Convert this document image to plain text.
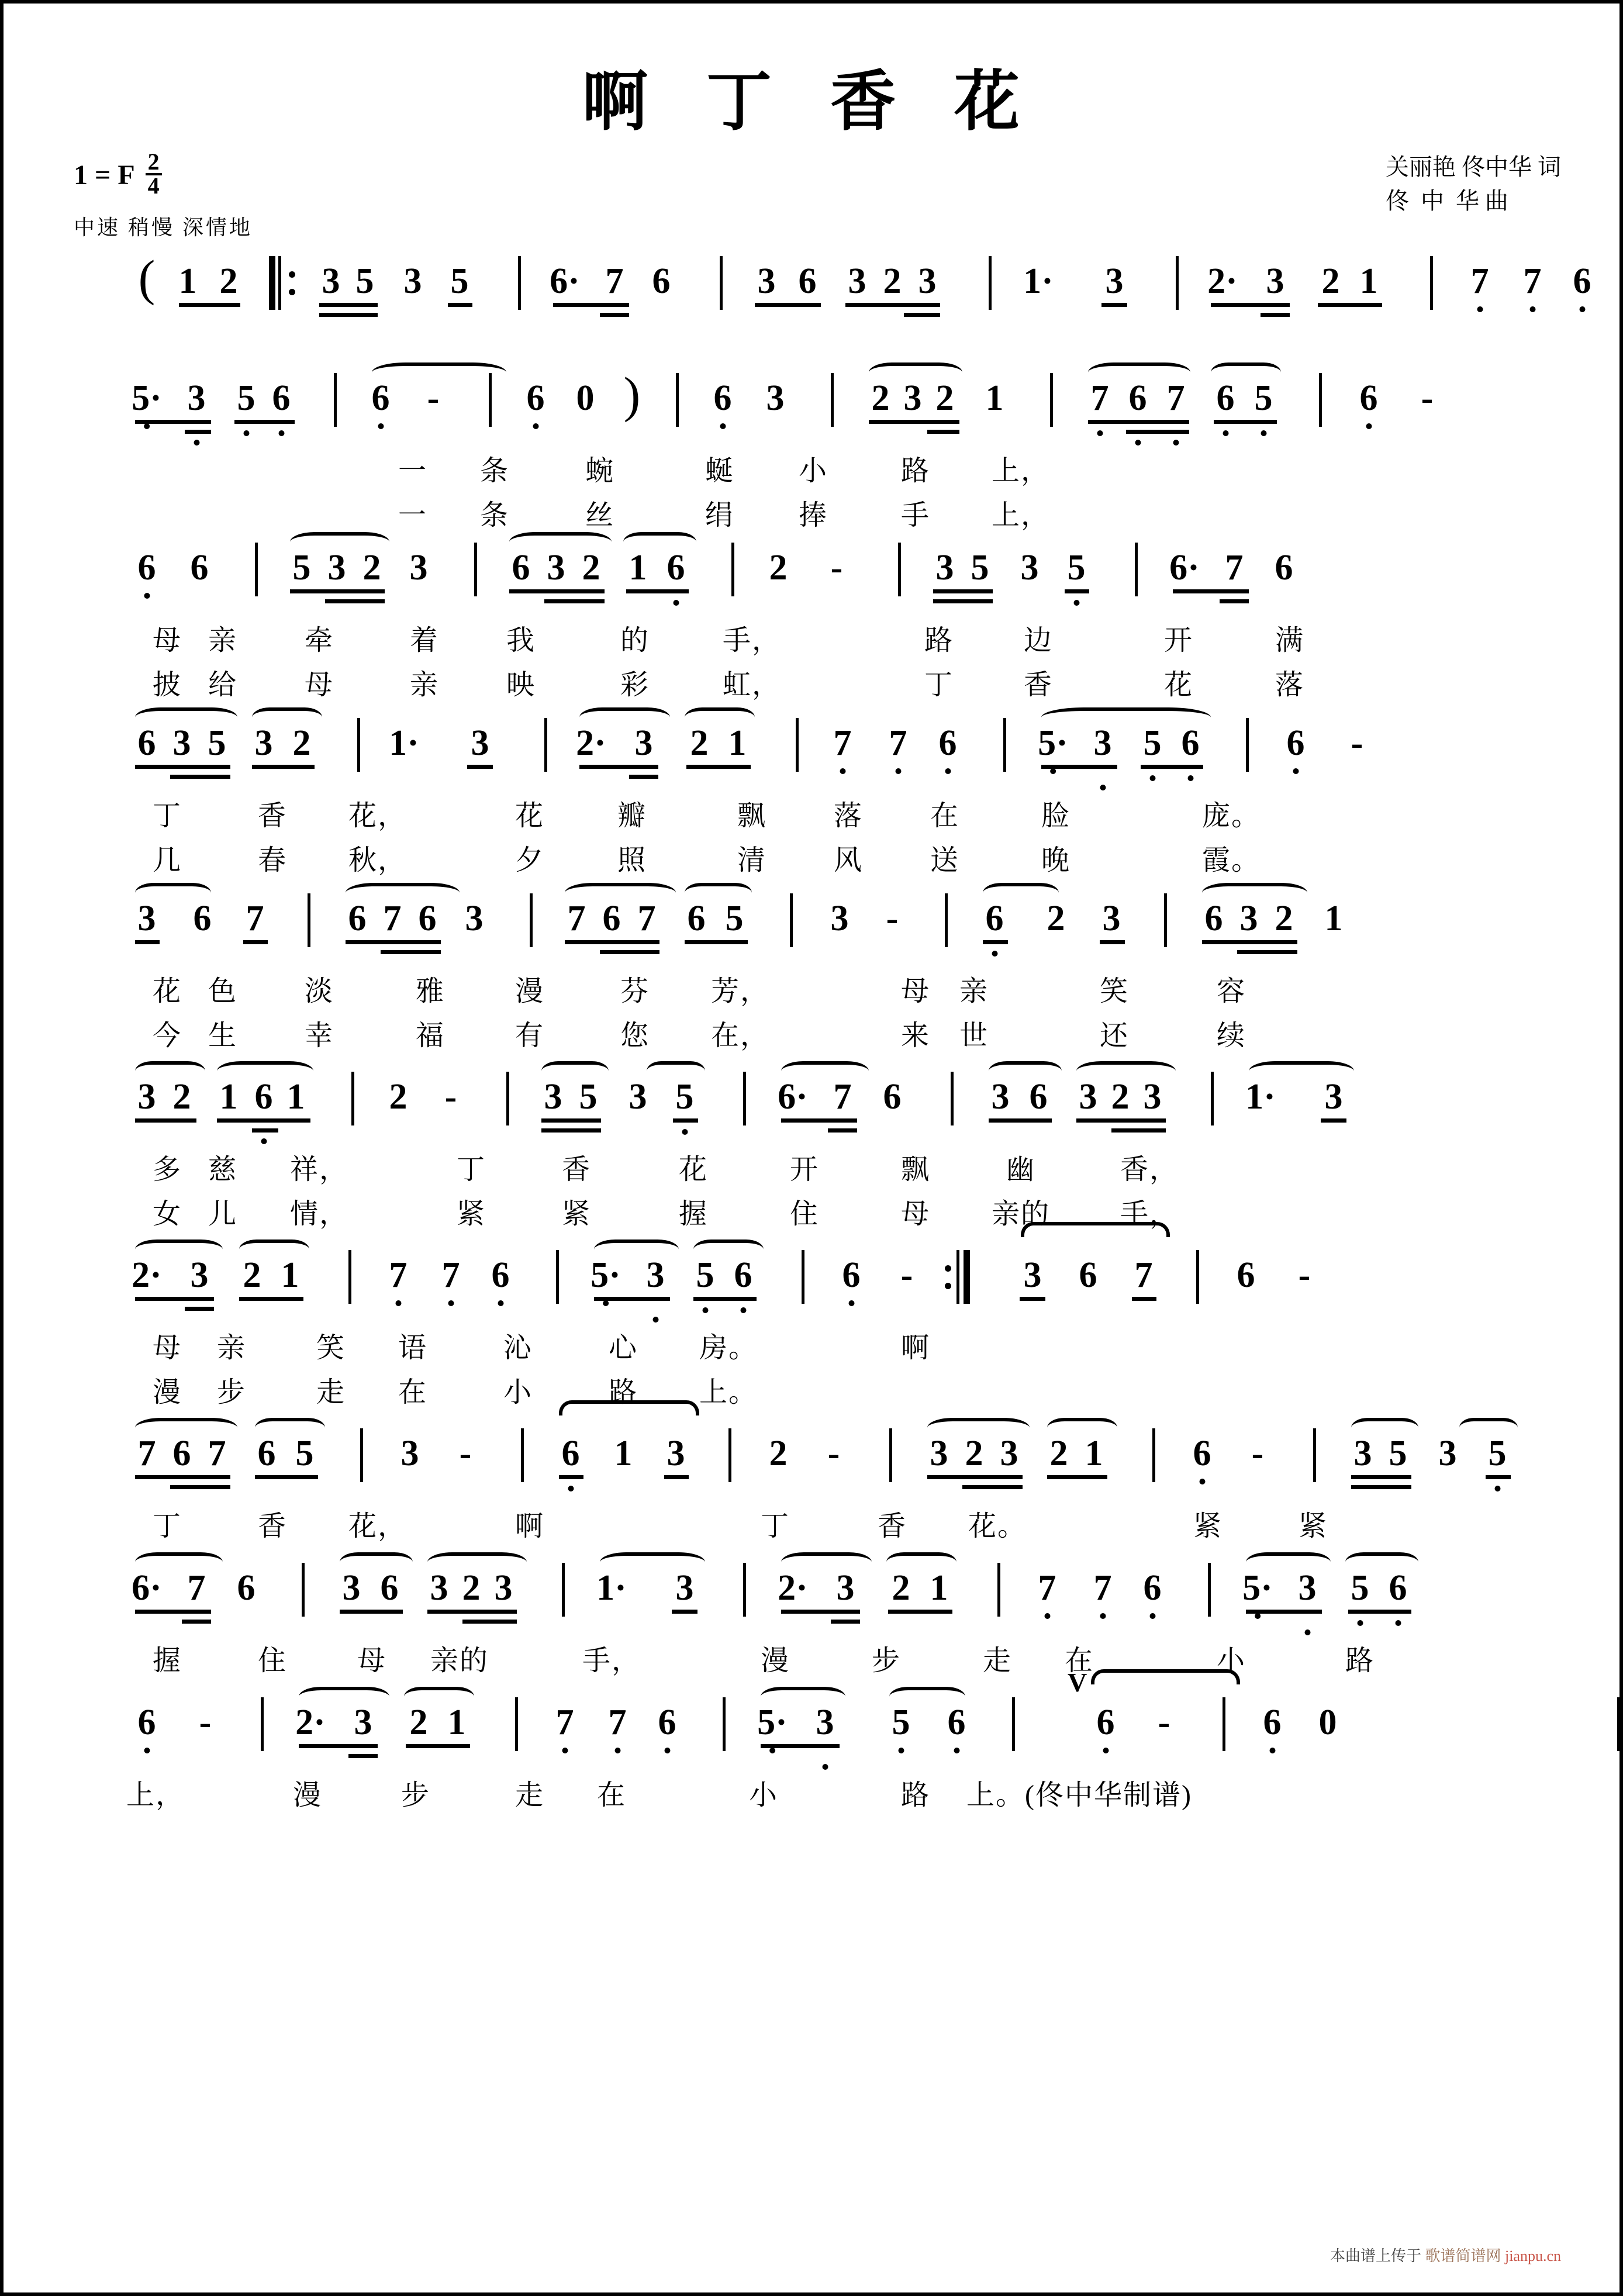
啊 丁 香 花
1 = F $\frac{2}{4}$
中速 稍慢 深情地
关丽艳 佟中华 词
佟  中  华 曲
( 1 2 3 5 3 5 6· 7 6 3 6 3 2 3 1· 3 2· 3 2 1	7 7 6
5· 3 5 6 6 - 6 0 ) 6 3 2 3 2 1 7 6 7 6 5 6 -
一 条	蜿	蜒 小	路 上，
一 条	丝	绢 捧	手 上，
6 6 5 3 2 3 6 3 2 1 6 2 -	3 5 3 5 6· 7 6
母 亲 牵	着 我	的	手，	路 边	开	满
披 给 母	亲 映	彩	虹，	丁 香	花	落
6 3 5 3 2 1· 3 2· 3 2 1 7 7 6 5· 3 5 6 6 -
丁	香 花，	花	瓣	飘 落 在	脸	庞。
几	春 秋，	夕	照	清 风 送	晚	霞。
3 6 7 6 7 6 3 7 6 7 6 5 3 - 6 2 3 6 3 2 1
花 色 淡	雅 漫	芬 芳，	母 亲	笑	容
今 生 幸	福 有	您 在，	来 世	还	续
3 2 1 6 1 2 - 3 5 3 5 6· 7 6 3 6 3 2 3 1· 3
多 慈 祥，	丁	香	花	开	飘	幽	香，
女 儿 情，	紧	紧	握	住	母 亲的 手，
2· 3 2 1 7 7 6 5· 3 5 6 6 -	3 6 7 6 -
母 亲 笑 语	沁	心 房。	啊
漫 步 走 在	小	路 上。
7 6 7 6 5 3 - 6 1 3 2 - 3 2 3 2 1 6 - 3 5 3 5
丁	香 花，	啊	丁	香 花。	紧	紧
6· 7 6 3 6 3 2 3 1· 3 2· 3 2 1 7 7 6 5· 3 5 6
握	住 母 亲的	手，	漫	步	走 在	小	路
6 - 2· 3 2 1 7 7 6 5· 3 5 6
V
6 -	6 0
上，	漫	步	走 在	小	路 上。(佟中华制谱)
本曲谱上传于 歌谱简谱网 jianpu.cn
